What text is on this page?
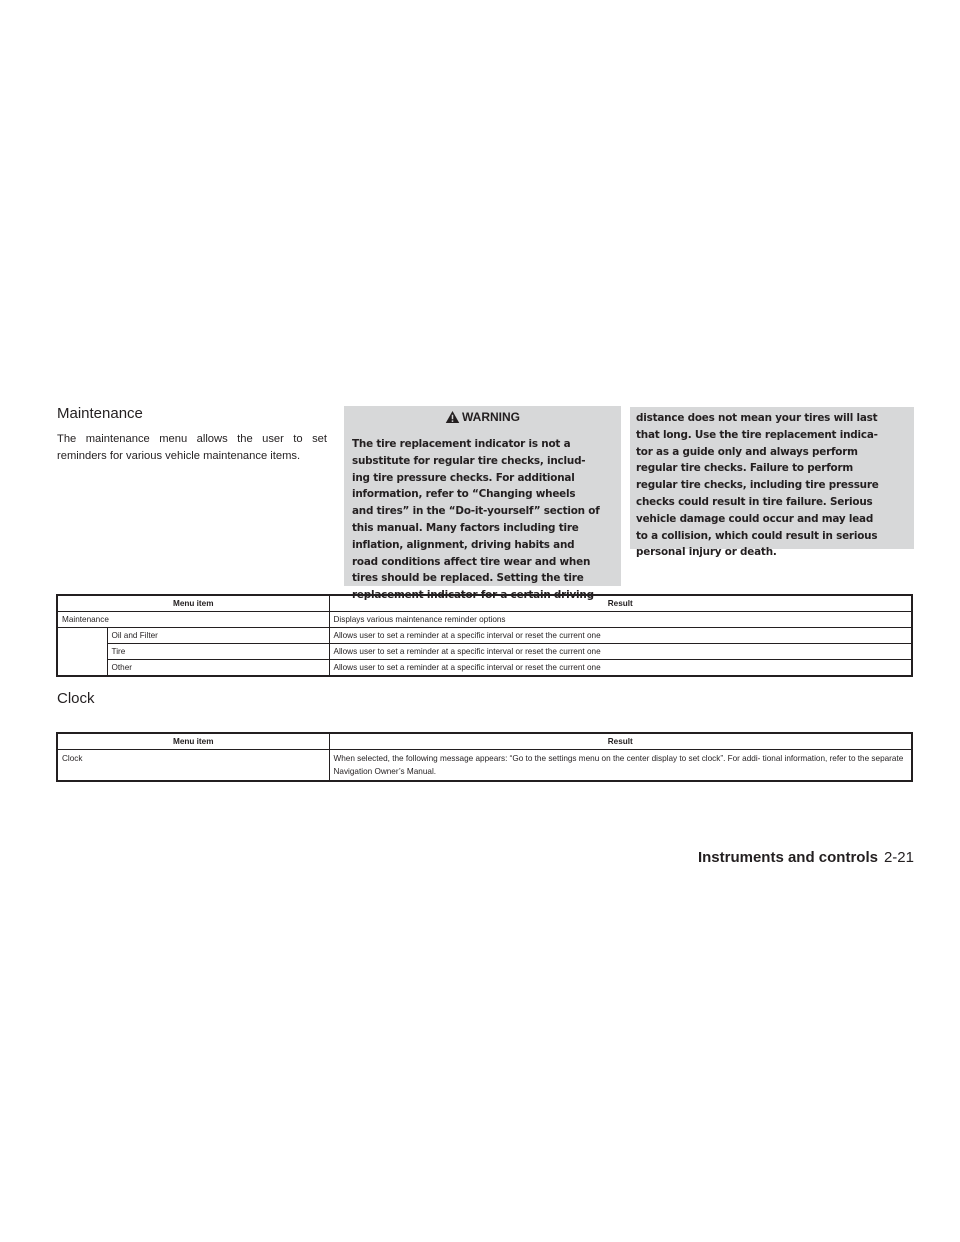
Maintenance

The maintenance menu allows the user to set reminders for various vehicle maintenance items.

WARNING
The tire replacement indicator is not a
substitute for regular tire checks, includ-
ing tire pressure checks. For additional
information, refer to “Changing wheels
and tires” in the “Do-it-yourself” section of
this manual. Many factors including tire
inflation, alignment, driving habits and
road conditions affect tire wear and when
tires should be replaced. Setting the tire
replacement indicator for a certain driving
distance does not mean your tires will last
that long. Use the tire replacement indica-
tor as a guide only and always perform
regular tire checks. Failure to perform
regular tire checks, including tire pressure
checks could result in tire failure. Serious
vehicle damage could occur and may lead
to a collision, which could result in serious
personal injury or death.
Menu item		Result
Maintenance		Displays various maintenance reminder options
	Oil and Filter	Allows user to set a reminder at a specific interval or reset the current one
	Tire	Allows user to set a reminder at a specific interval or reset the current one
	Other	Allows user to set a reminder at a specific interval or reset the current one
Clock
Menu item	Result
Clock	When selected, the following message appears: “Go to the settings menu on the center display to set clock”. For addi- tional information, refer to the separate Navigation Owner’s Manual.
Instruments and controls 2-21
